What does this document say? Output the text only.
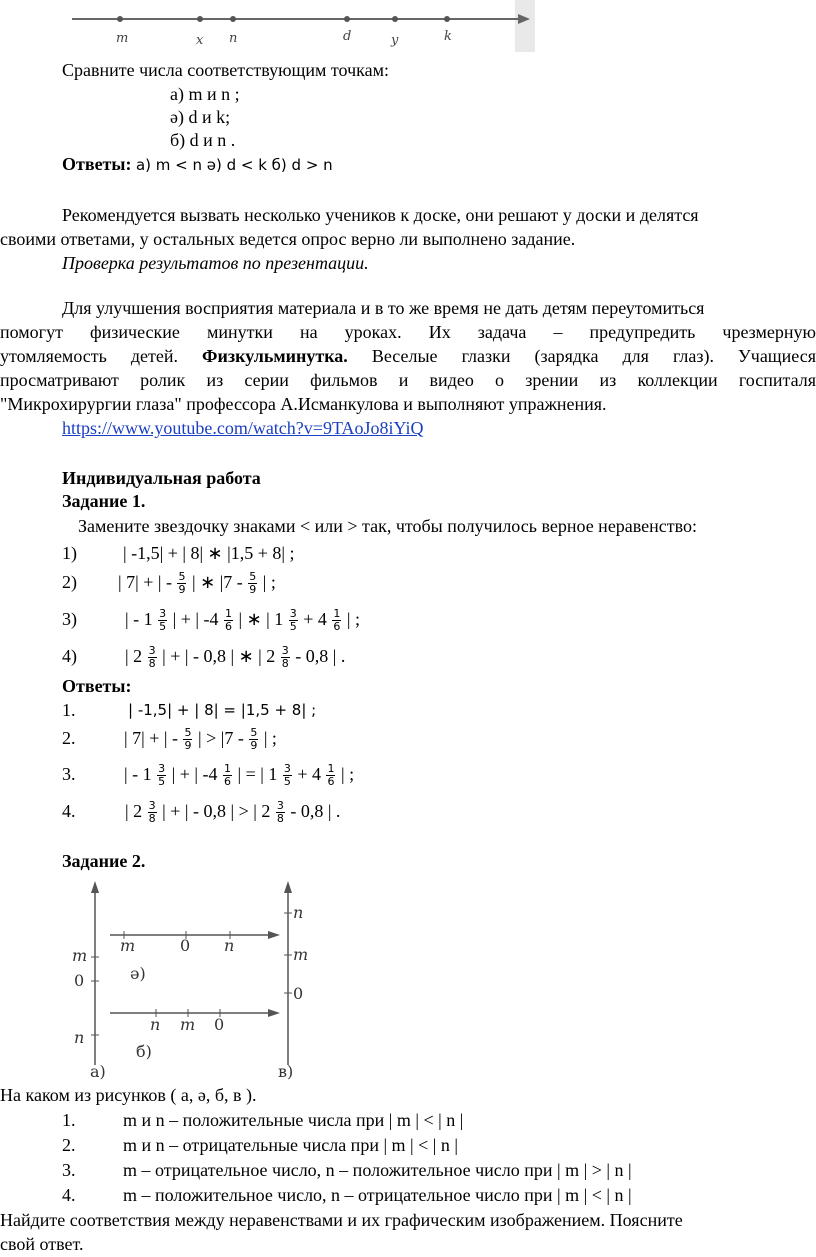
m	x n	d	y	k
Сравните числа соответствующим точкам:
а) m и n ;
ә) d и k;
б) d и n .
Ответы: а) m < n ә) d < k б) d > n
Рекомендуется вызвать несколько учеников к доске, они решают у доски и делятся
своими ответами, у остальных ведется опрос верно ли выполнено задание.
Проверка результатов по презентации.
Для улучшения восприятия материала и в то же время не дать детям переутомиться
помогут физические минутки на уроках. Их задача – предупредить чрезмерную
утомляемость детей. Физкульминутка. Веселые глазки (зарядка для глаз). Учащиеся
просматривают ролик из серии фильмов и видео о зрении из коллекции госпиталя
"Микрохирургии глаза" профессора А.Исманкулова и выполняют упражнения.
https://www.youtube.com/watch?v=9TAoJo8iYiQ
Индивидуальная работа
Задание 1.
Замените звездочку знаками < или > так, чтобы получилось верное неравенство:
1)	| -1,5| + | 8| ∗ |1,5 + 8| ;
2) | 7| + | - $\frac{5}{9}$ | ∗ $|7 - \frac{5}{9}$ | ;
3)	| - $1 \frac{3}{5}$ | + | $-4 \frac{1}{6}$ | ∗ | $1 \frac{3}{5} + 4 \frac{1}{6}$ | ;
4)	| $2 \frac{3}{8}$ | + | - 0,8 | ∗ | $2 \frac{3}{8} - 0,8$ | .
Ответы:
1.	| -1,5| + | 8| = |1,5 + 8| ;
2.	| 7| + | - $\frac{5}{9}$ | > $|7 - \frac{5}{9}$ | ;
3.	| - $1 \frac{3}{5}$ | + | $-4 \frac{1}{6}$ | = | $1 \frac{3}{5} + 4 \frac{1}{6}$ | ;
4.	| $2 \frac{3}{8}$ | + | - 0,8 | > | $2 \frac{3}{8} - 0,8$ | .
Задание 2.
m
0
n
а)
n
m
0
в)
m	0 n
ә)
n m 0
б)
На каком из рисунков ( а, ә, б, в ).
1.	m и n – положительные числа при | m | < | n |
2.	m и n – отрицательные числа при | m | < | n |
3.	m – отрицательное число, n – положительное число при | m | > | n |
4.	m – положительное число, n – отрицательное число при | m | < | n |
Найдите соответствия между неравенствами и их графическим изображением. Поясните
свой ответ.
